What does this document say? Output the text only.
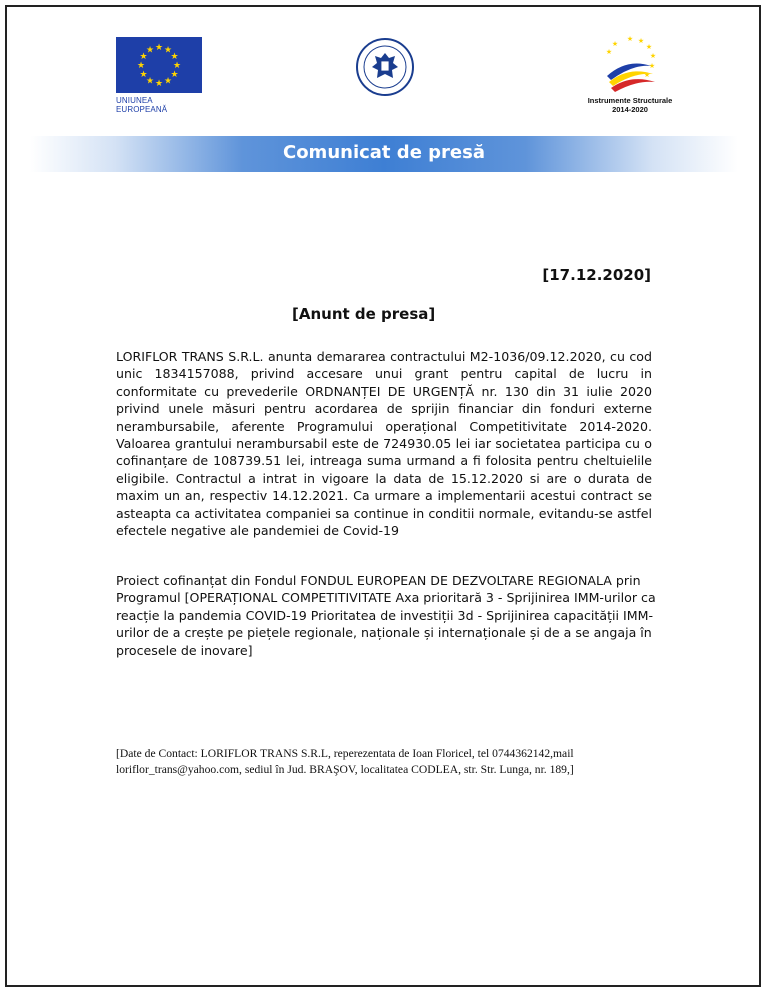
★ ★
★
★
★
★
★
★
★
★
★
★
UNIUNEA EUROPEANĂ
★ ★
★
★
★
★
★
★
Instrumente Structurale
2014-2020
Comunicat de presă
[17.12.2020]
[Anunt de presa]

LORIFLOR TRANS S.R.L. anunta demararea contractului M2-1036/09.12.2020, cu cod unic 1834157088, privind accesare unui grant pentru capital de lucru in conformitate cu prevederile ORDNANȚEI DE URGENȚĂ nr. 130 din 31 iulie 2020 privind unele măsuri pentru acordarea de sprijin financiar din fonduri externe nerambursabile, aferente Programului operațional Competitivitate 2014-2020. Valoarea grantului nerambursabil este de 724930.05 lei iar societatea participa cu o cofinanțare de 108739.51 lei, intreaga suma urmand a fi folosita pentru cheltuielile eligibile. Contractul a intrat in vigoare la data de 15.12.2020 si are o durata de maxim un an, respectiv 14.12.2021. Ca urmare a implementarii acestui contract se asteapta ca activitatea companiei sa continue in conditii normale, evitandu-se astfel efectele negative ale pandemiei de Covid-19

Proiect cofinanțat din Fondul FONDUL EUROPEAN DE DEZVOLTARE REGIONALA prin Programul [OPERAȚIONAL COMPETITIVITATE Axa prioritară 3 - Sprijinirea IMM-urilor ca reacție la pandemia COVID-19 Prioritatea de investiții 3d - Sprijinirea capacității IMM-urilor de a crește pe piețele regionale, naționale și internaționale și de a se angaja în procesele de inovare]

[Date de Contact: LORIFLOR TRANS S.R.L, reperezentata de Ioan Floricel, tel 0744362142,mail loriflor_trans@yahoo.com, sediul în Jud. BRAŞOV, localitatea CODLEA, str. Str. Lunga, nr. 189,]
